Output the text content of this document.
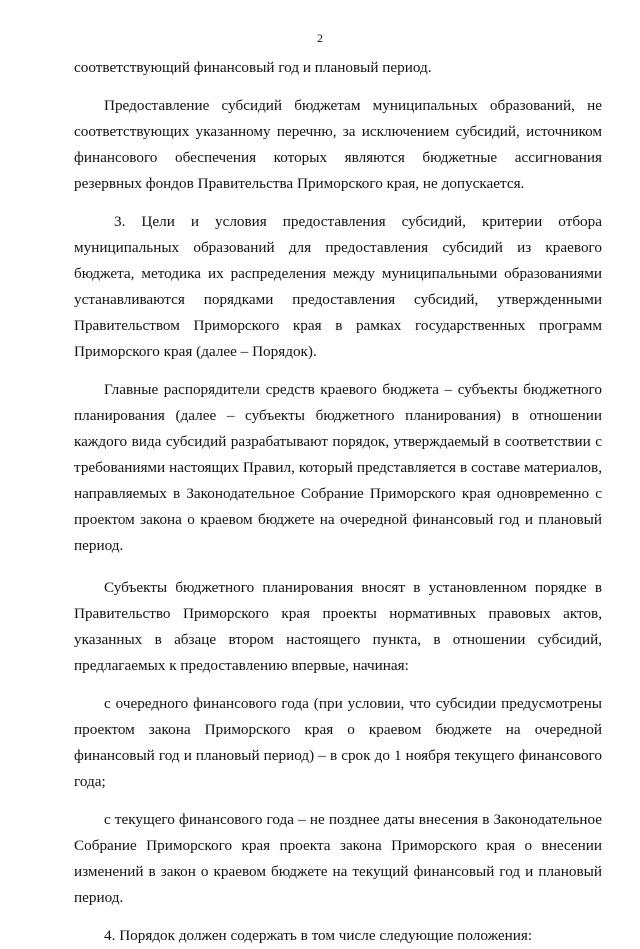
2

соответствующий финансовый год и плановый период.

Предоставление субсидий бюджетам муниципальных образований, не соответствующих указанному перечню, за исключением субсидий, источником финансового обеспечения которых являются бюджетные ассигнования резервных фондов Правительства Приморского края, не допускается.

3. Цели и условия предоставления субсидий, критерии отбора муниципальных образований для предоставления субсидий из краевого бюджета, методика их распределения между муниципальными образованиями устанавливаются порядками предоставления субсидий, утвержденными Правительством Приморского края в рамках государственных программ Приморского края (далее – Порядок).

Главные распорядители средств краевого бюджета – субъекты бюджетного планирования (далее – субъекты бюджетного планирования) в отношении каждого вида субсидий разрабатывают порядок, утверждаемый в соответствии с требованиями настоящих Правил, который представляется в составе материалов, направляемых в Законодательное Собрание Приморского края одновременно с проектом закона о краевом бюджете на очередной финансовый год и плановый период.

Субъекты бюджетного планирования вносят в установленном порядке в Правительство Приморского края проекты нормативных правовых актов, указанных в абзаце втором настоящего пункта, в отношении субсидий, предлагаемых к предоставлению впервые, начиная:

с очередного финансового года (при условии, что субсидии предусмотрены проектом закона Приморского края о краевом бюджете на очередной финансовый год и плановый период) – в срок до 1 ноября текущего финансового года;

с текущего финансового года – не позднее даты внесения в Законодательное Собрание Приморского края проекта закона Приморского края о внесении изменений в закон о краевом бюджете на текущий финансовый год и плановый период.

4. Порядок должен содержать в том числе следующие положения:
